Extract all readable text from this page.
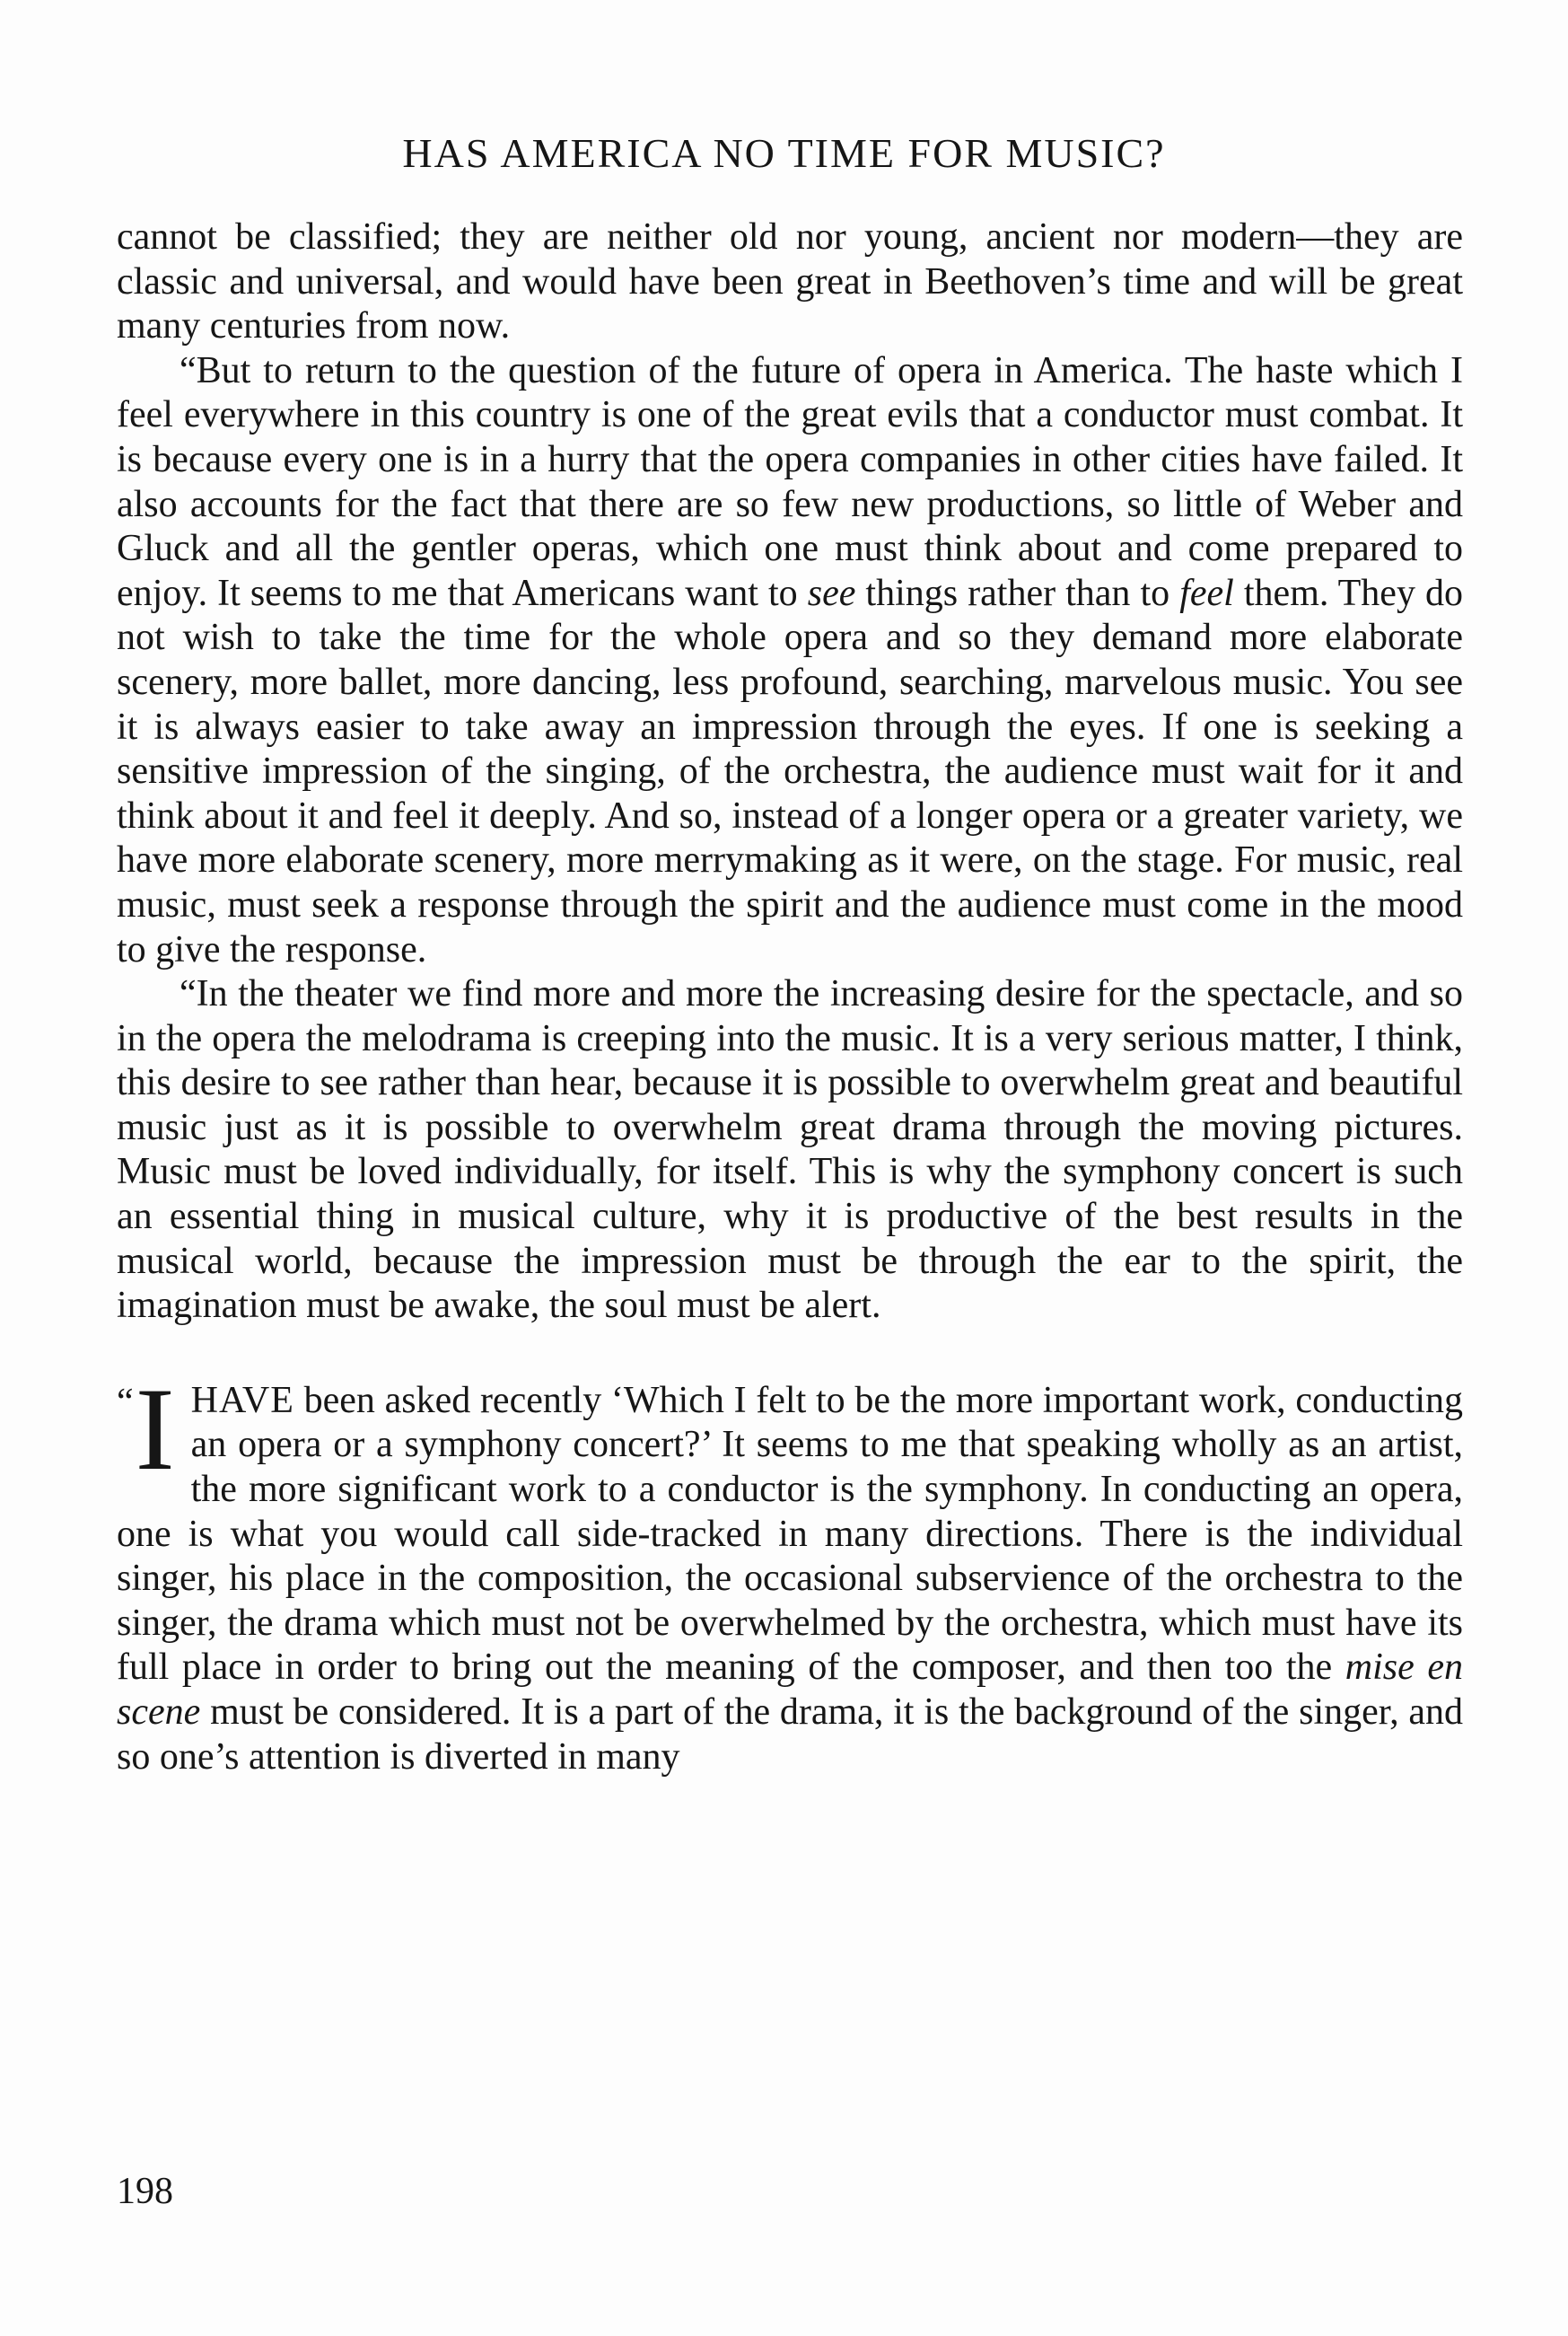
HAS AMERICA NO TIME FOR MUSIC?

cannot be classified; they are neither old nor young, ancient nor modern—they are classic and universal, and would have been great in Beethoven’s time and will be great many centuries from now.

“But to return to the question of the future of opera in America. The haste which I feel everywhere in this country is one of the great evils that a conductor must combat. It is because every one is in a hurry that the opera companies in other cities have failed. It also accounts for the fact that there are so few new productions, so little of Weber and Gluck and all the gentler operas, which one must think about and come prepared to enjoy. It seems to me that Americans want to see things rather than to feel them. They do not wish to take the time for the whole opera and so they demand more elaborate scenery, more ballet, more dancing, less profound, searching, marvelous music. You see it is always easier to take away an impression through the eyes. If one is seeking a sensitive impression of the singing, of the orchestra, the audience must wait for it and think about it and feel it deeply. And so, instead of a longer opera or a greater variety, we have more elaborate scenery, more merrymaking as it were, on the stage. For music, real music, must seek a response through the spirit and the audience must come in the mood to give the response.

“In the theater we find more and more the increasing desire for the spectacle, and so in the opera the melodrama is creeping into the music. It is a very serious matter, I think, this desire to see rather than hear, because it is possible to overwhelm great and beautiful music just as it is possible to overwhelm great drama through the moving pictures. Music must be loved individually, for itself. This is why the symphony concert is such an essential thing in musical culture, why it is productive of the best results in the musical world, because the impression must be through the ear to the spirit, the imagination must be awake, the soul must be alert.

“ I HAVE been asked recently ‘Which I felt to be the more important work, conducting an opera or a symphony concert?’ It seems to me that speaking wholly as an artist, the more significant work to a conductor is the symphony. In conducting an opera, one is what you would call side-tracked in many directions. There is the individual singer, his place in the composition, the occasional subservience of the orchestra to the singer, the drama which must not be overwhelmed by the orchestra, which must have its full place in order to bring out the meaning of the composer, and then too the mise en scene must be considered. It is a part of the drama, it is the background of the singer, and so one’s attention is diverted in many

198
